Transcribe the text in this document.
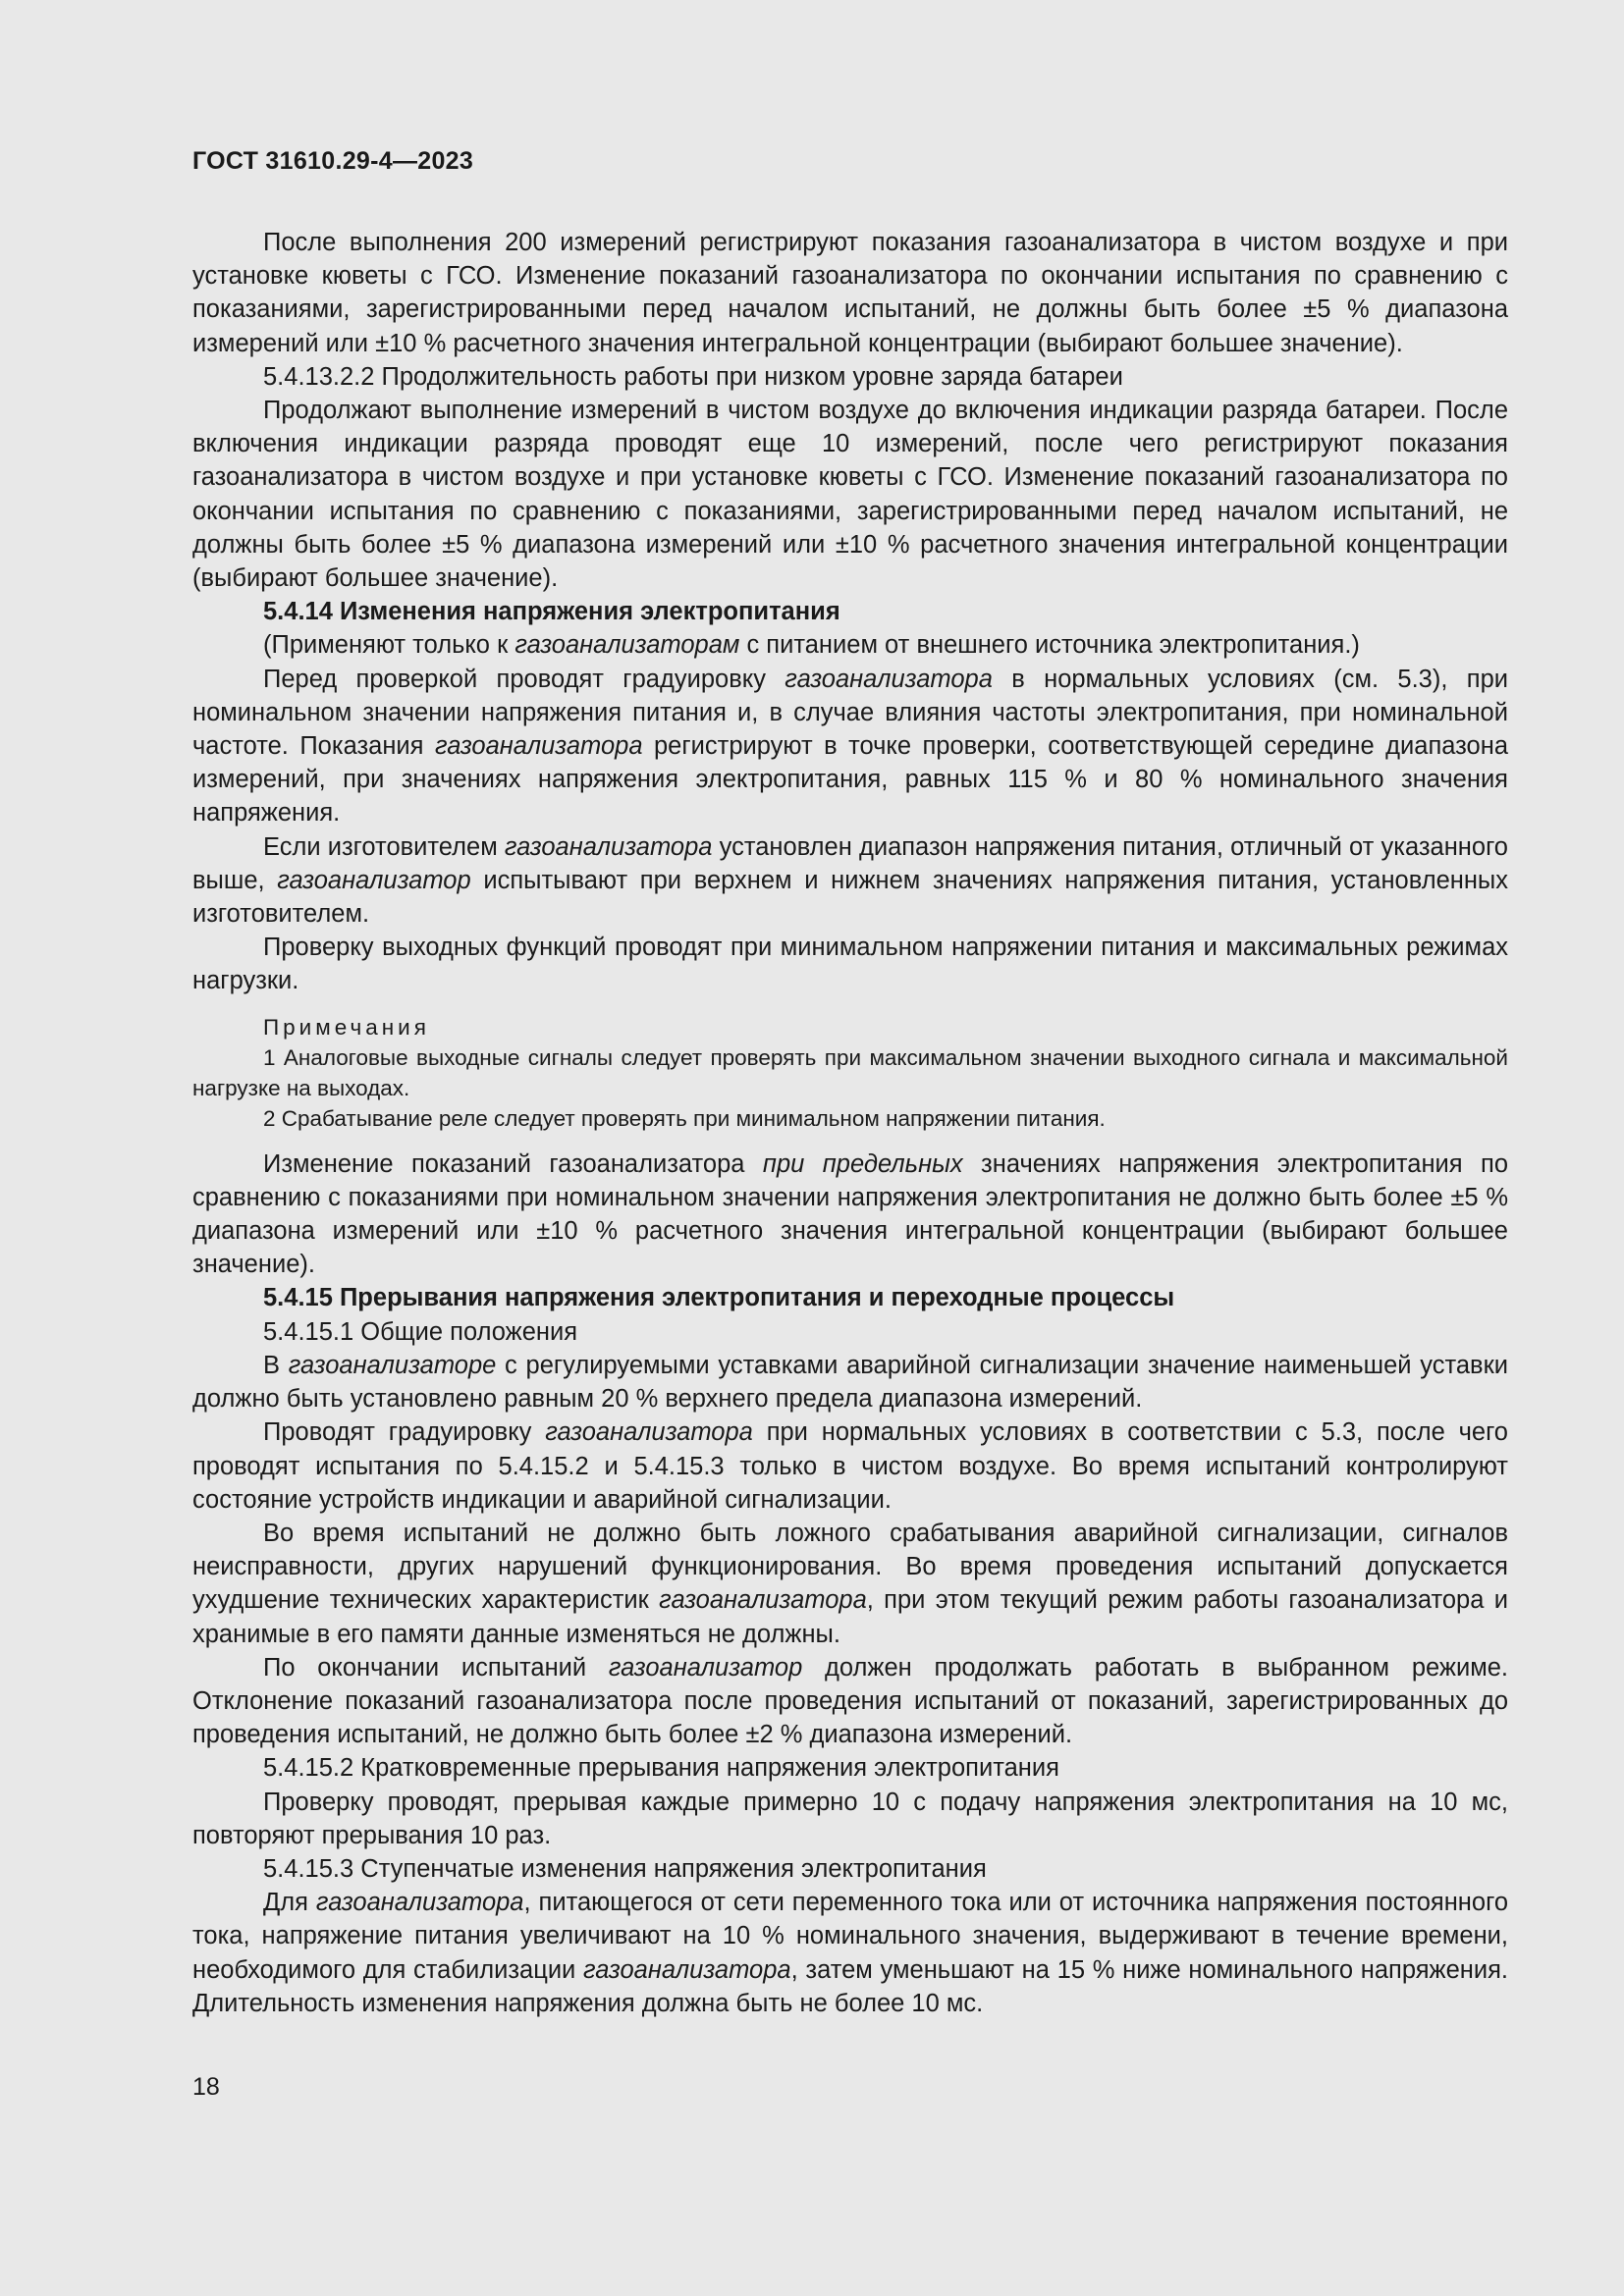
ГОСТ 31610.29-4—2023

После выполнения 200 измерений регистрируют показания газоанализатора в чистом воздухе и при установке кюветы с ГСО. Изменение показаний газоанализатора по окончании испытания по сравнению с показаниями, зарегистрированными перед началом испытаний, не должны быть более ±5 % диапазона измерений или ±10 % расчетного значения интегральной концентрации (выбирают большее значение).

5.4.13.2.2 Продолжительность работы при низком уровне заряда батареи

Продолжают выполнение измерений в чистом воздухе до включения индикации разряда батареи. После включения индикации разряда проводят еще 10 измерений, после чего регистрируют показания газоанализатора в чистом воздухе и при установке кюветы с ГСО. Изменение показаний газоанализатора по окончании испытания по сравнению с показаниями, зарегистрированными перед началом испытаний, не должны быть более ±5 % диапазона измерений или ±10 % расчетного значения интегральной концентрации (выбирают большее значение).

5.4.14 Изменения напряжения электропитания

(Применяют только к газоанализаторам с питанием от внешнего источника электропитания.)

Перед проверкой проводят градуировку газоанализатора в нормальных условиях (см. 5.3), при номинальном значении напряжения питания и, в случае влияния частоты электропитания, при номинальной частоте. Показания газоанализатора регистрируют в точке проверки, соответствующей середине диапазона измерений, при значениях напряжения электропитания, равных 115 % и 80 % номинального значения напряжения.

Если изготовителем газоанализатора установлен диапазон напряжения питания, отличный от указанного выше, газоанализатор испытывают при верхнем и нижнем значениях напряжения питания, установленных изготовителем.

Проверку выходных функций проводят при минимальном напряжении питания и максимальных режимах нагрузки.

Примечания

1 Аналоговые выходные сигналы следует проверять при максимальном значении выходного сигнала и максимальной нагрузке на выходах.

2 Срабатывание реле следует проверять при минимальном напряжении питания.

Изменение показаний газоанализатора при предельных значениях напряжения электропитания по сравнению с показаниями при номинальном значении напряжения электропитания не должно быть более ±5 % диапазона измерений или ±10 % расчетного значения интегральной концентрации (выбирают большее значение).

5.4.15 Прерывания напряжения электропитания и переходные процессы

5.4.15.1 Общие положения

В газоанализаторе с регулируемыми уставками аварийной сигнализации значение наименьшей уставки должно быть установлено равным 20 % верхнего предела диапазона измерений.

Проводят градуировку газоанализатора при нормальных условиях в соответствии с 5.3, после чего проводят испытания по 5.4.15.2 и 5.4.15.3 только в чистом воздухе. Во время испытаний контролируют состояние устройств индикации и аварийной сигнализации.

Во время испытаний не должно быть ложного срабатывания аварийной сигнализации, сигналов неисправности, других нарушений функционирования. Во время проведения испытаний допускается ухудшение технических характеристик газоанализатора, при этом текущий режим работы газоанализатора и хранимые в его памяти данные изменяться не должны.

По окончании испытаний газоанализатор должен продолжать работать в выбранном режиме. Отклонение показаний газоанализатора после проведения испытаний от показаний, зарегистрированных до проведения испытаний, не должно быть более ±2 % диапазона измерений.

5.4.15.2 Кратковременные прерывания напряжения электропитания

Проверку проводят, прерывая каждые примерно 10 с подачу напряжения электропитания на 10 мс, повторяют прерывания 10 раз.

5.4.15.3 Ступенчатые изменения напряжения электропитания

Для газоанализатора, питающегося от сети переменного тока или от источника напряжения постоянного тока, напряжение питания увеличивают на 10 % номинального значения, выдерживают в течение времени, необходимого для стабилизации газоанализатора, затем уменьшают на 15 % ниже номинального напряжения. Длительность изменения напряжения должна быть не более 10 мс.

18
